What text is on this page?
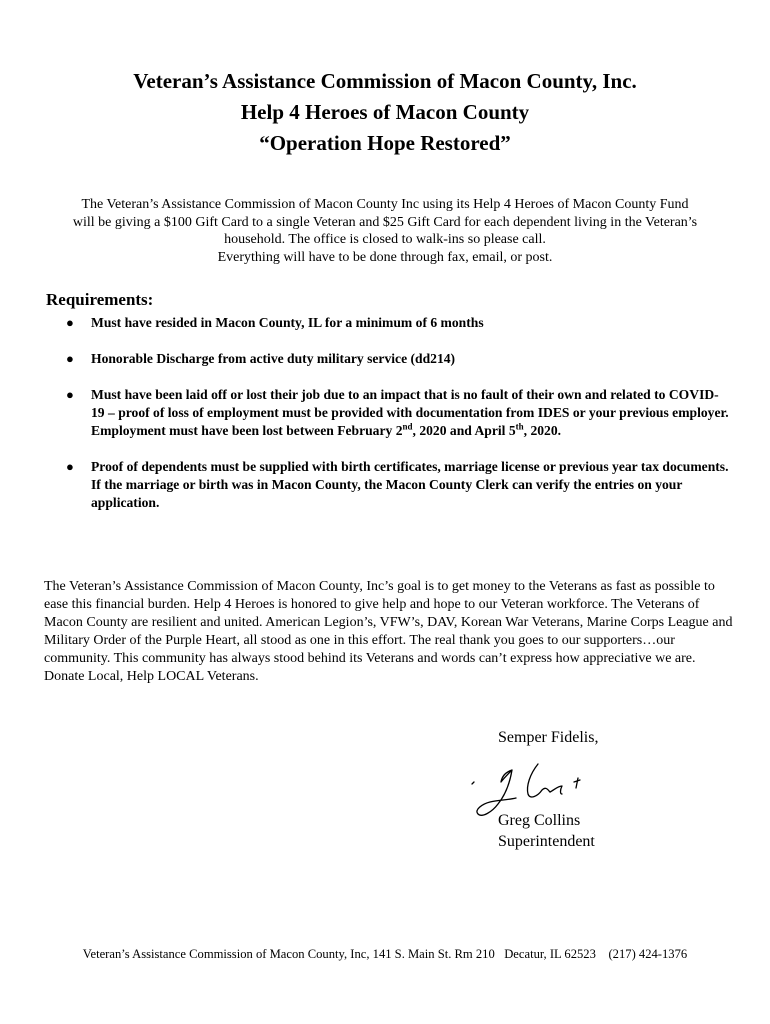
Veteran’s Assistance Commission of Macon County, Inc.
Help 4 Heroes of Macon County
“Operation Hope Restored”

The Veteran’s Assistance Commission of Macon County Inc using its Help 4 Heroes of Macon County Fund

will be giving a $100 Gift Card to a single Veteran and $25 Gift Card for each dependent living in the Veteran’s

household. The office is closed to walk-ins so please call.

Everything will have to be done through fax, email, or post.

Requirements:
● Must have resided in Macon County, IL for a minimum of 6 months
● Honorable Discharge from active duty military service (dd214)
● Must have been laid off or lost their job due to an impact that is no fault of their own and related to COVID-19 – proof of loss of employment must be provided with documentation from IDES or your previous employer. Employment must have been lost between February 2nd, 2020 and April 5th, 2020.
● Proof of dependents must be supplied with birth certificates, marriage license or previous year tax documents. If the marriage or birth was in Macon County, the Macon County Clerk can verify the entries on your application.
The Veteran’s Assistance Commission of Macon County, Inc’s goal is to get money to the Veterans as fast as possible to ease this financial burden. Help 4 Heroes is honored to give help and hope to our Veteran workforce. The Veterans of Macon County are resilient and united. American Legion’s, VFW’s, DAV, Korean War Veterans, Marine Corps League and Military Order of the Purple Heart, all stood as one in this effort. The real thank you goes to our supporters…our community. This community has always stood behind its Veterans and words can’t express how appreciative we are. Donate Local, Help LOCAL Veterans.
Semper Fidelis,
Greg Collins
Superintendent
Veteran’s Assistance Commission of Macon County, Inc, 141 S. Main St. Rm 210   Decatur, IL 62523    (217) 424-1376
